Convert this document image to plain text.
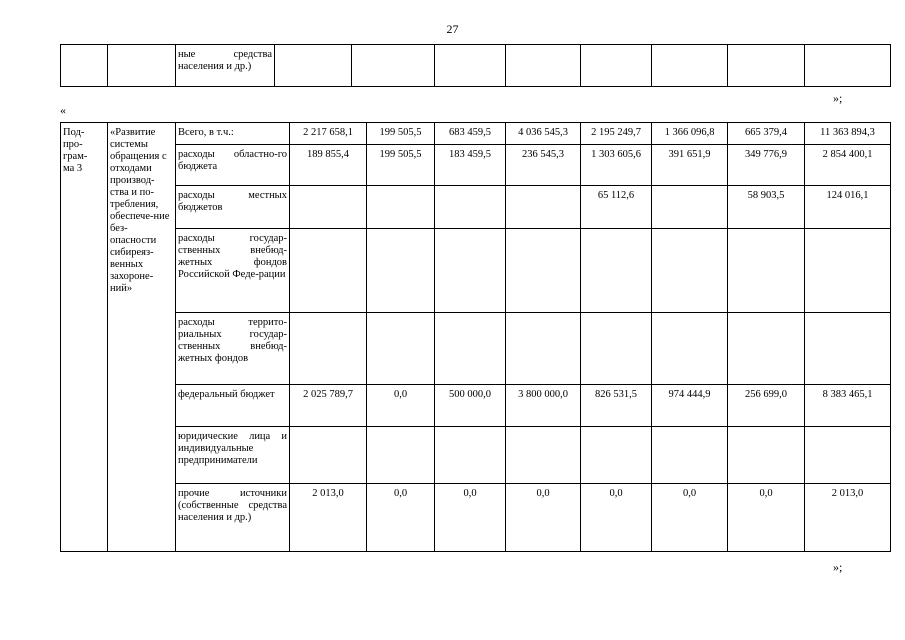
27
		ные средства населения и др.)								
»;
«
Под-
про-
грам-
ма 3	«Развитие системы обращения с отходами производ-ства и по-требления, обеспече-ние без-опасности сибиреяз-венных захороне-ний»	Всего, в т.ч.:	2 217 658,1	199 505,5	683 459,5	4 036 545,3	2 195 249,7	1 366 096,8	665 379,4	11 363 894,3
		расходы областно-го бюджета	189 855,4	199 505,5	183 459,5	236 545,3	1 303 605,6	391 651,9	349 776,9	2 854 400,1
		расходы местных бюджетов					65 112,6		58 903,5	124 016,1
		расходы государ-ственных внебюд-жетных фондов Российской Феде-рации								
		расходы террито-риальных государ-ственных внебюд-жетных фондов								
		федеральный бюджет	2 025 789,7	0,0	500 000,0	3 800 000,0	826 531,5	974 444,9	256 699,0	8 383 465,1
		юридические лица и индивидуальные предприниматели								
		прочие источники (собственные средства населения и др.)	2 013,0	0,0	0,0	0,0	0,0	0,0	0,0	2 013,0
»;
